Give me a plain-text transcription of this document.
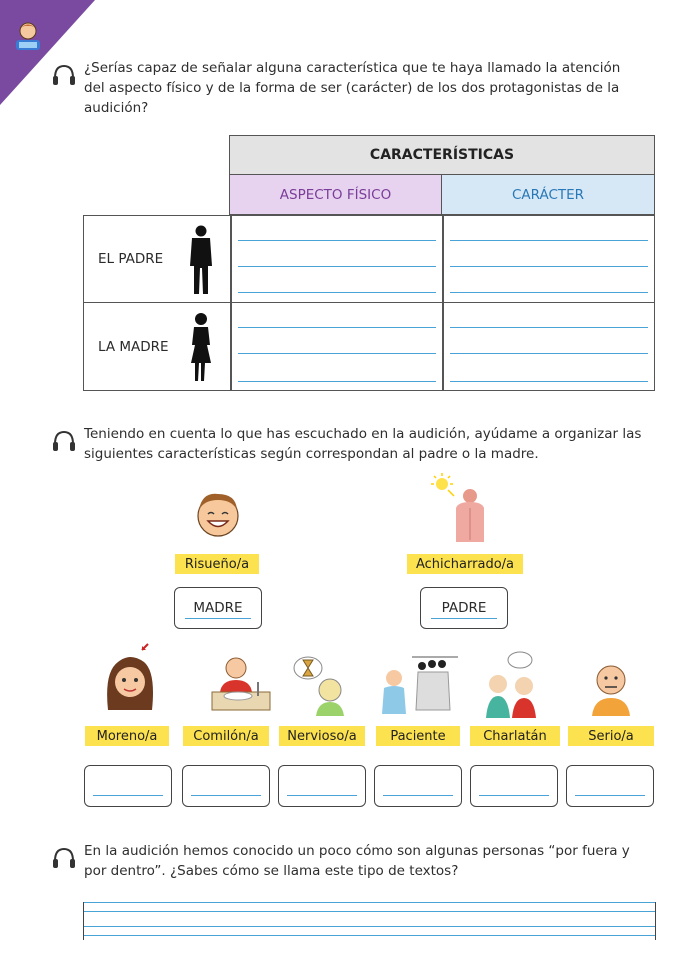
¿Serías capaz de señalar alguna característica que te haya llamado la atención
del aspecto físico y de la forma de ser (carácter) de los dos protagonistas de la
audición?
CARACTERÍSTICAS
ASPECTO FÍSICO	CARÁCTER
EL PADRE
LA MADRE
Teniendo en cuenta lo que has escuchado en la audición, ayúdame a organizar las
siguientes características según correspondan al padre o la madre.
Risueño/a
MADRE
Achicharrado/a
PADRE
Moreno/a	Comilón/a	Nervioso/a	Paciente	Charlatán	Serio/a
En la audición hemos conocido un poco cómo son algunas personas “por fuera y
por dentro”. ¿Sabes cómo se llama este tipo de textos?
